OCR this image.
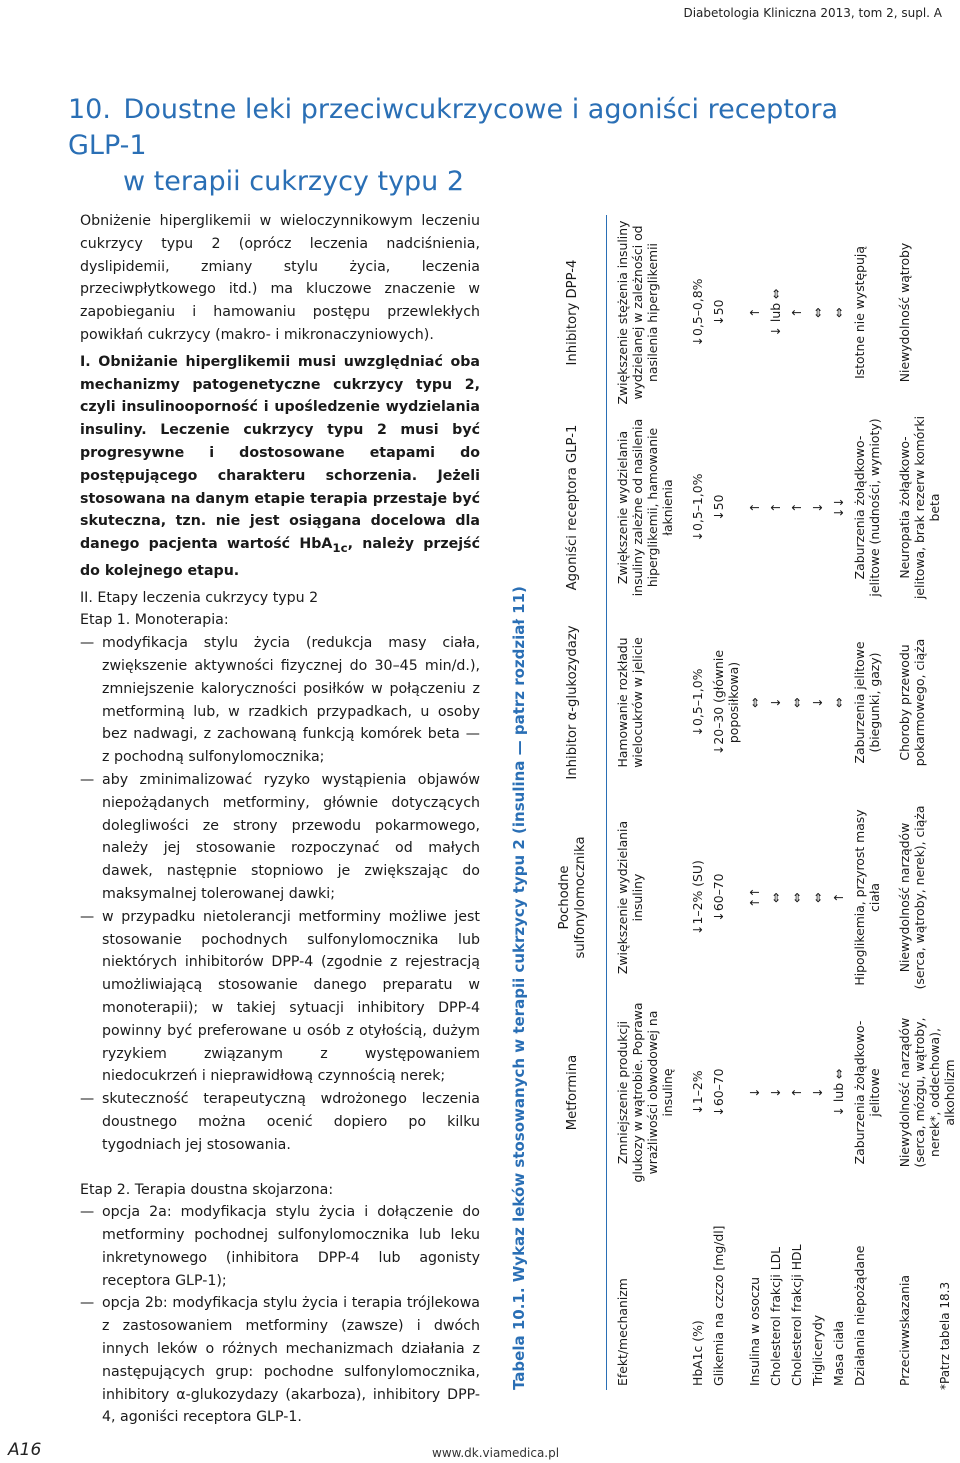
Diabetologia Kliniczna 2013, tom 2, supl. A
10. Doustne leki przeciwcukrzycowe i agoniści receptora GLP-1
w terapii cukrzycy typu 2

Obniżenie hiperglikemii w wieloczynnikowym leczeniu cukrzycy typu 2 (oprócz leczenia nadciśnienia, dyslipidemii, zmiany stylu życia, leczenia przeciwpłytkowego itd.) ma kluczowe znaczenie w zapobieganiu i hamowaniu postępu przewlekłych powikłań cukrzycy (makro- i mikronaczyniowych).

I. Obniżanie hiperglikemii musi uwzględniać oba mechanizmy patogenetyczne cukrzycy typu 2, czyli insulinooporność i upośledzenie wydzielania insuliny. Leczenie cukrzycy typu 2 musi być progresywne i dostosowane etapami do postępującego charakteru schorzenia. Jeżeli stosowana na danym etapie terapia przestaje być skuteczna, tzn. nie jest osiągana docelowa dla danego pacjenta wartość HbA$_{1c}$, należy przejść do kolejnego etapu.

II. Etapy leczenia cukrzycy typu 2

Etap 1. Monoterapia:

— modyfikacja stylu życia (redukcja masy ciała, zwiększenie aktywności fizycznej do 30–45 min/d.), zmniejszenie kaloryczności posiłków w połączeniu z metforminą lub, w rzadkich przypadkach, u osoby bez nadwagi, z zachowaną funkcją komórek beta — z pochodną sulfonylomocznika;
— aby zminimalizować ryzyko wystąpienia objawów niepożądanych metforminy, głównie dotyczących dolegliwości ze strony przewodu pokarmowego, należy jej stosowanie rozpoczynać od małych dawek, następnie stopniowo je zwiększając do maksymalnej tolerowanej dawki;
— w przypadku nietolerancji metforminy możliwe jest stosowanie pochodnych sulfonylomocznika lub niektórych inhibitorów DPP-4 (zgodnie z rejestracją umożliwiającą stosowanie danego preparatu w monoterapii); w takiej sytuacji inhibitory DPP-4 powinny być preferowane u osób z otyłością, dużym ryzykiem związanym z występowaniem niedocukrzeń i nieprawidłową czynnością nerek;
— skuteczność terapeutyczną wdrożonego leczenia doustnego można ocenić dopiero po kilku tygodniach jej stosowania.

Etap 2. Terapia doustna skojarzona:

— opcja 2a: modyfikacja stylu życia i dołączenie do metforminy pochodnej sulfonylomocznika lub leku inkretynowego (inhibitora DPP-4 lub agonisty receptora GLP-1);
— opcja 2b: modyfikacja stylu życia i terapia trójlekowa z zastosowaniem metforminy (zawsze) i dwóch innych leków o różnych mechanizmach działania z następujących grup: pochodne sulfonylomocznika, inhibitory α-glukozydazy (akarboza), inhibitory DPP-4, agoniści receptora GLP-1.
Tabela 10.1. Wykaz leków stosowanych w terapii cukrzycy typu 2 (insulina — patrz rozdział 11)
		Metformina	Pochodne sulfonylomocznika	Inhibitor α-glukozydazy	Agoniści receptora GLP-1	Inhibitory DPP-4
Efekt/mechanizm	Zmniejszenie produkcji glukozy w wątrobie. Poprawa wrażliwości obwodowej na insulinę	Zwiększenie wydzielania insuliny	Hamowanie rozkładu wielocukrów w jelicie	Zwiększenie wydzielania insuliny zależne od nasilenia hiperglikemii, hamowanie łaknienia	Zwiększenie stężenia insuliny wydzielanej w zależności od nasilenia hiperglikemii
HbA1c (%)	↓1–2%	↓1–2% (SU)	↓0,5–1,0%	↓0,5–1,0%	↓0,5–0,8%
Glikemia na czczo [mg/dl]	↓60–70	↓60–70	↓20–30 (głównie poposiłkowa)	↓50	↓50
Insulina w osoczu	↓	↑↑	⇔	↑	↑
Cholesterol frakcji LDL	↓	⇔	↓	↑	↓ lub ⇔
Cholesterol frakcji HDL	↑	⇔	⇔	↑	↑
Triglicerydy	↓	⇔	↓	↓	⇔
Masa ciała	↓ lub ⇔	↑	⇔	↓↓	⇔
Działania niepożądane	Zaburzenia żołądkowo-jelitowe	Hipoglikemia, przyrost masy ciała	Zaburzenia jelitowe (biegunki, gazy)	Zaburzenia żołądkowo-jelitowe (nudności, wymioty)	Istotne nie występują
Przeciwwskazania	Niewydolność narządów (serca, mózgu, wątroby, nerek*, oddechowa), alkoholizm	Niewydolność narządów (serca, wątroby, nerek), ciąża	Choroby przewodu pokarmowego, ciąża	Neuropatia żołądkowo-jelitowa, brak rezerw komórki beta	Niewydolność wątroby
*Patrz tabela 18.3
A16	www.dk.viamedica.pl
